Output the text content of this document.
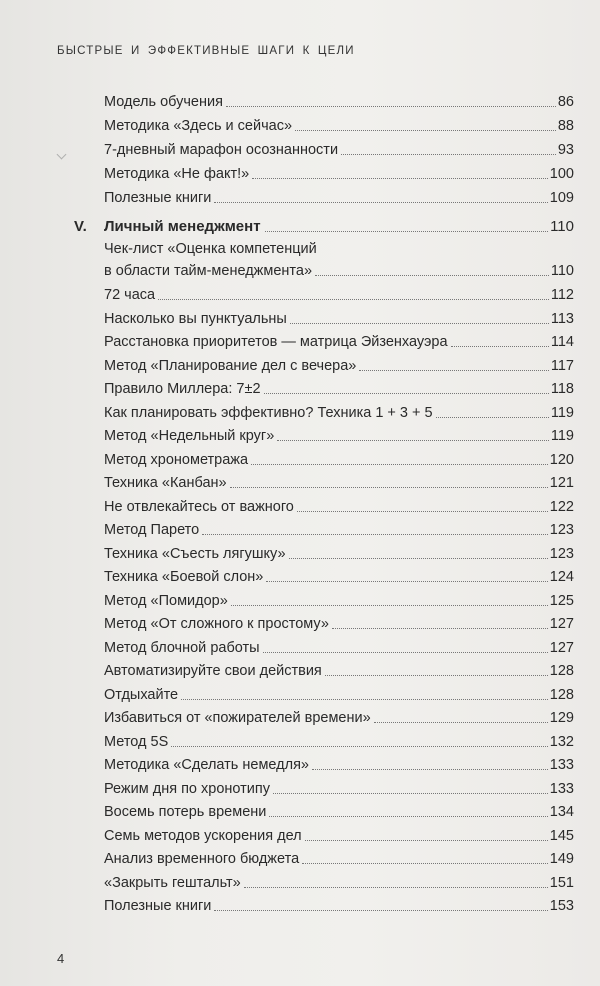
БЫСТРЫЕ И ЭФФЕКТИВНЫЕ ШАГИ К ЦЕЛИ
Модель обучения	86
Методика «Здесь и сейчас»	88
7-дневный марафон осознанности	93
Методика «Не факт!»	100
Полезные книги	109
V.	Личный менеджмент	110
Чек-лист «Оценка компетенций
в области тайм-менеджмента»	110
72 часа	112
Насколько вы пунктуальны	113
Расстановка приоритетов — матрица Эйзенхауэра	114
Метод «Планирование дел с вечера»	117
Правило Миллера: 7±2	118
Как планировать эффективно? Техника 1 + 3 + 5	119
Метод «Недельный круг»	119
Метод хронометража	120
Техника «Канбан»	121
Не отвлекайтесь от важного	122
Метод Парето	123
Техника «Съесть лягушку»	123
Техника «Боевой слон»	124
Метод «Помидор»	125
Метод «От сложного к простому»	127
Метод блочной работы	127
Автоматизируйте свои действия	128
Отдыхайте	128
Избавиться от «пожирателей времени»	129
Метод 5S	132
Методика «Сделать немедля»	133
Режим дня по хронотипу	133
Восемь потерь времени	134
Семь методов ускорения дел	145
Анализ временного бюджета	149
«Закрыть гештальт»	151
Полезные книги	153
4
